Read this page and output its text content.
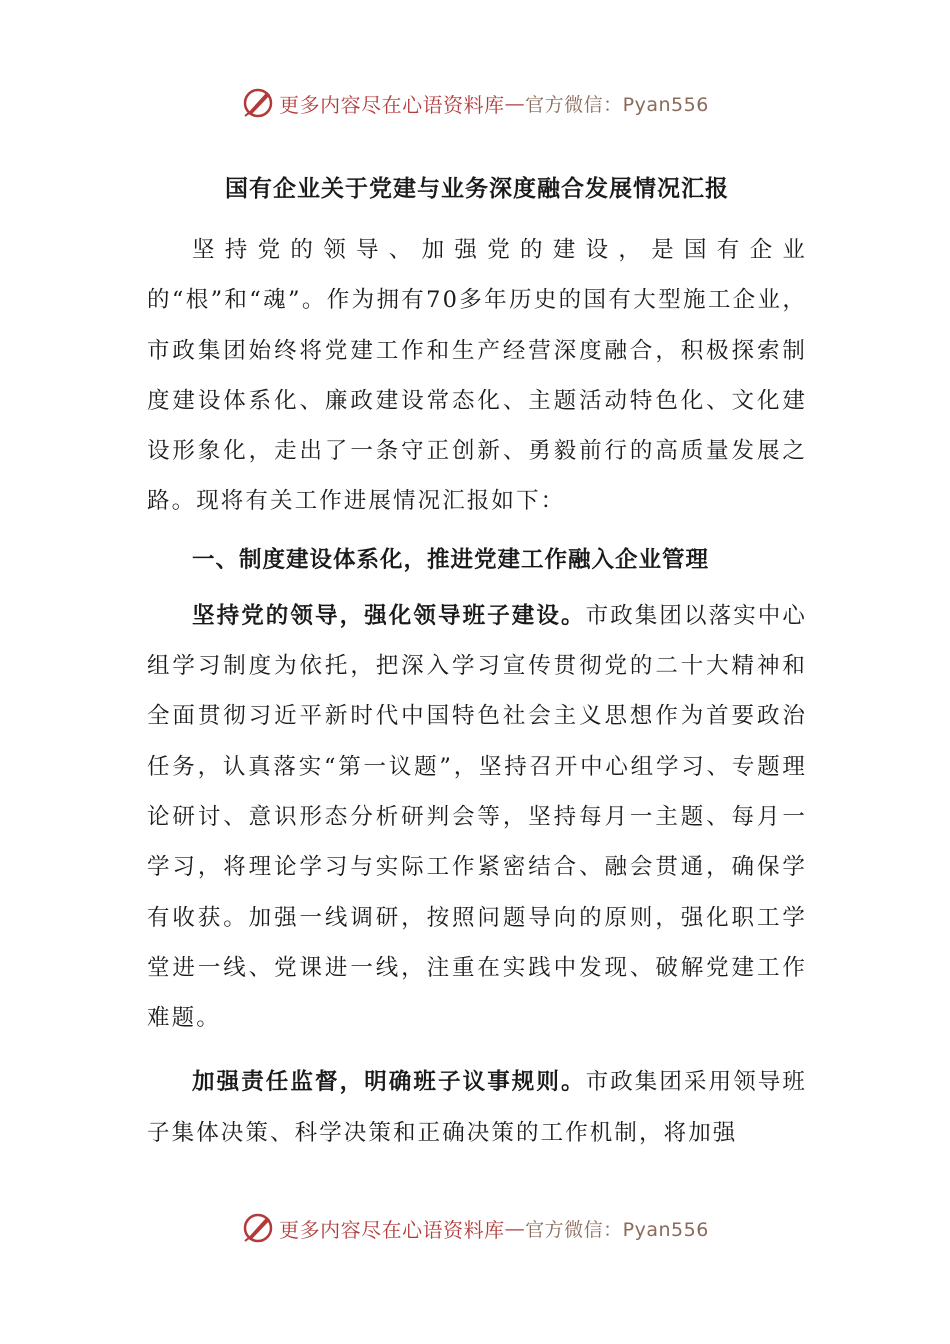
更多内容尽在心语资料库 — 官方微信：Pyan556
国有企业关于党建与业务深度融合发展情况汇报

坚持党的领导、加强党的建设，是国有企业的“根”和“魂”。作为拥有70多年历史的国有大型施工企业，市政集团始终将党建工作和生产经营深度融合，积极探索制度建设体系化、廉政建设常态化、主题活动特色化、文化建设形象化，走出了一条守正创新、勇毅前行的高质量发展之路。现将有关工作进展情况汇报如下：

一、制度建设体系化，推进党建工作融入企业管理

坚持党的领导，强化领导班子建设。市政集团以落实中心组学习制度为依托，把深入学习宣传贯彻党的二十大精神和全面贯彻习近平新时代中国特色社会主义思想作为首要政治任务，认真落实“第一议题”，坚持召开中心组学习、专题理论研讨、意识形态分析研判会等，坚持每月一主题、每月一学习，将理论学习与实际工作紧密结合、融会贯通，确保学有收获。加强一线调研，按照问题导向的原则，强化职工学堂进一线、党课进一线，注重在实践中发现、破解党建工作难题。

加强责任监督，明确班子议事规则。市政集团采用领导班子集体决策、科学决策和正确决策的工作机制，将加强

更多内容尽在心语资料库 — 官方微信：Pyan556
